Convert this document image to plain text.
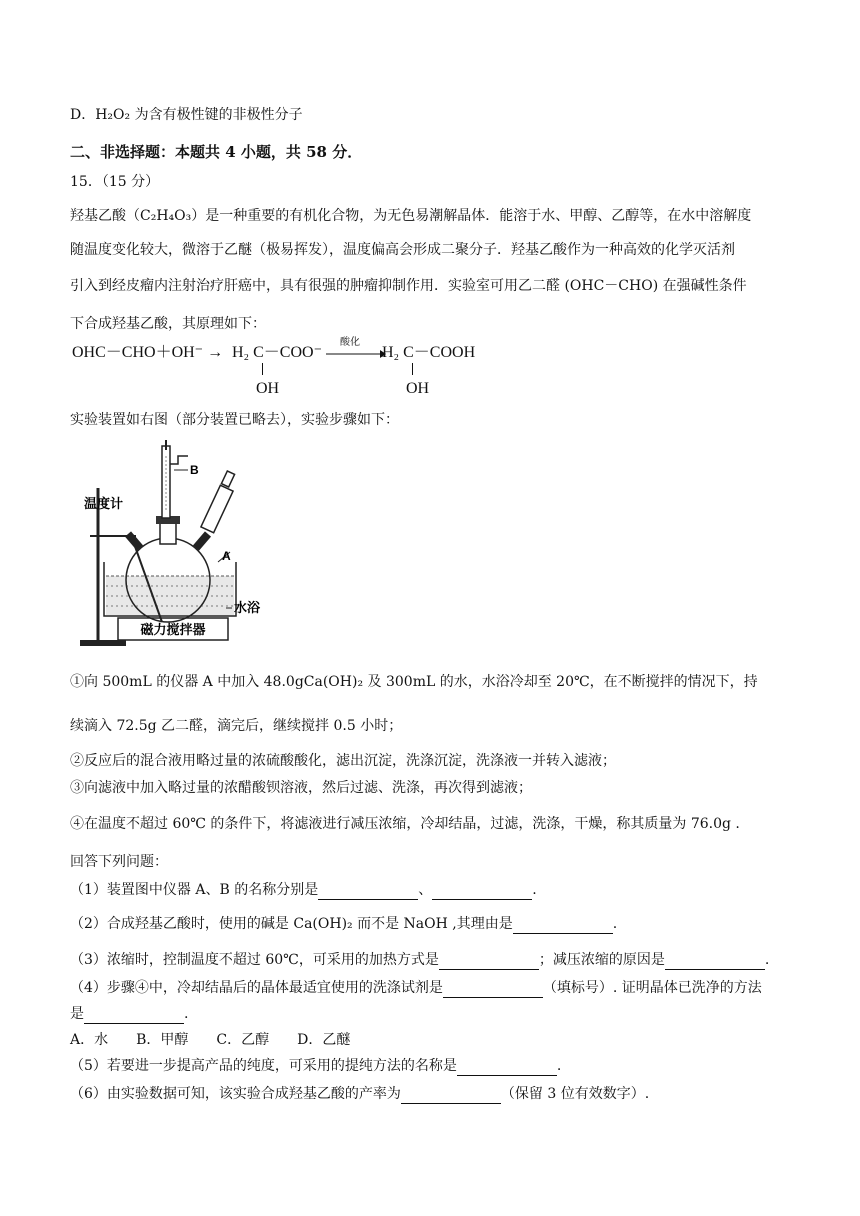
D．H₂O₂ 为含有极性键的非极性分子
二、非选择题：本题共 4 小题，共 58 分．
15．（15 分）
羟基乙酸（C₂H₄O₃）是一种重要的有机化合物，为无色易潮解晶体．能溶于水、甲醇、乙醇等，在水中溶解度
随温度变化较大，微溶于乙醚（极易挥发），温度偏高会形成二聚分子．羟基乙酸作为一种高效的化学灭活剂
引入到经皮瘤内注射治疗肝癌中，具有很强的肿瘤抑制作用．实验室可用乙二醛 (OHC－CHO) 在强碱性条件
下合成羟基乙酸，其原理如下：
OHC－CHO＋OH⁻ → H₂ C－COO⁻
酸化
H₂ C－COOH
OH	OH
实验装置如右图（部分装置已略去），实验步骤如下：
磁力搅拌器
B
温度计
A
水浴
①向 500mL 的仪器 A 中加入 48.0gCa(OH)₂ 及 300mL 的水，水浴冷却至 20℃，在不断搅拌的情况下，持
续滴入 72.5g 乙二醛，滴完后，继续搅拌 0.5 小时；
②反应后的混合液用略过量的浓硫酸酸化，滤出沉淀，洗涤沉淀，洗涤液一并转入滤液；
③向滤液中加入略过量的浓醋酸钡溶液，然后过滤、洗涤，再次得到滤液；
④在温度不超过 60℃ 的条件下，将滤液进行减压浓缩，冷却结晶，过滤，洗涤，干燥，称其质量为 76.0g .
回答下列问题：
（1）装置图中仪器 A、B 的名称分别是	、	.
（2）合成羟基乙酸时，使用的碱是 Ca(OH)₂ 而不是 NaOH ,其理由是	.
（3）浓缩时，控制温度不超过 60℃，可采用的加热方式是	；减压浓缩的原因是	.
（4）步骤④中，冷却结晶后的晶体最适宜使用的洗涤试剂是	（填标号）. 证明晶体已洗净的方法
是	.
A．水　　B．甲醇　　C．乙醇　　D．乙醚
（5）若要进一步提高产品的纯度，可采用的提纯方法的名称是	.
（6）由实验数据可知，该实验合成羟基乙酸的产率为	（保留 3 位有效数字）.
